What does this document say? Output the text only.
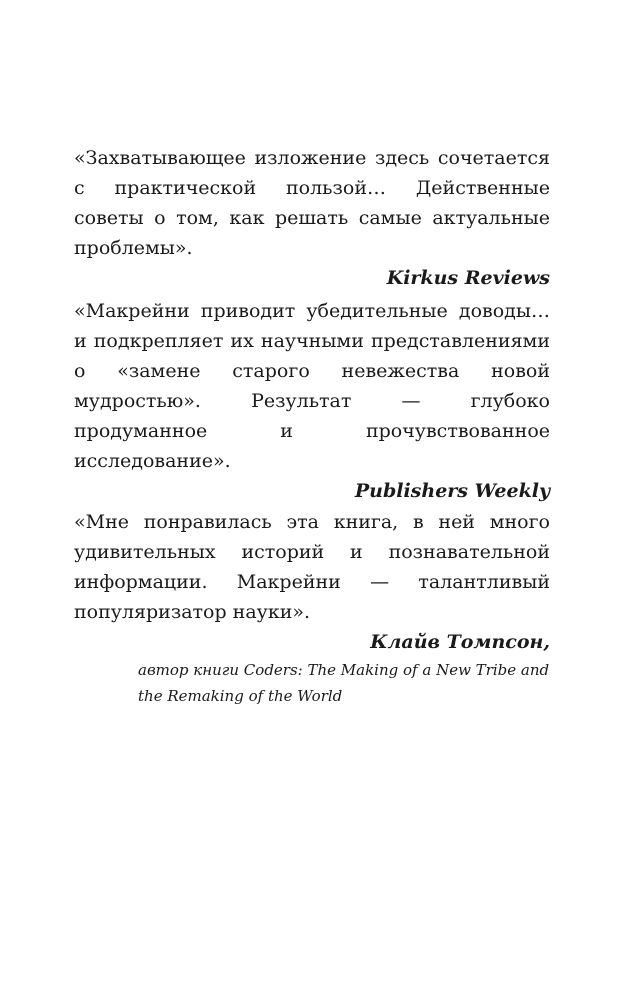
«Захватывающее изложение здесь сочетается с практической пользой… Действенные советы о том, как решать самые актуальные проблемы».

Kirkus Reviews

«Макрейни приводит убедительные доводы… и подкрепляет их научными представлениями о «замене старого невежества новой мудростью». Результат — глубоко продуманное и прочувствованное исследование».

Publishers Weekly

«Мне понравилась эта книга, в ней много удивительных историй и познавательной информации. Макрейни — талантливый популяризатор науки».

Клайв Томпсон,

автор книги Coders: The Making of a New Tribe and the Remaking of the World
